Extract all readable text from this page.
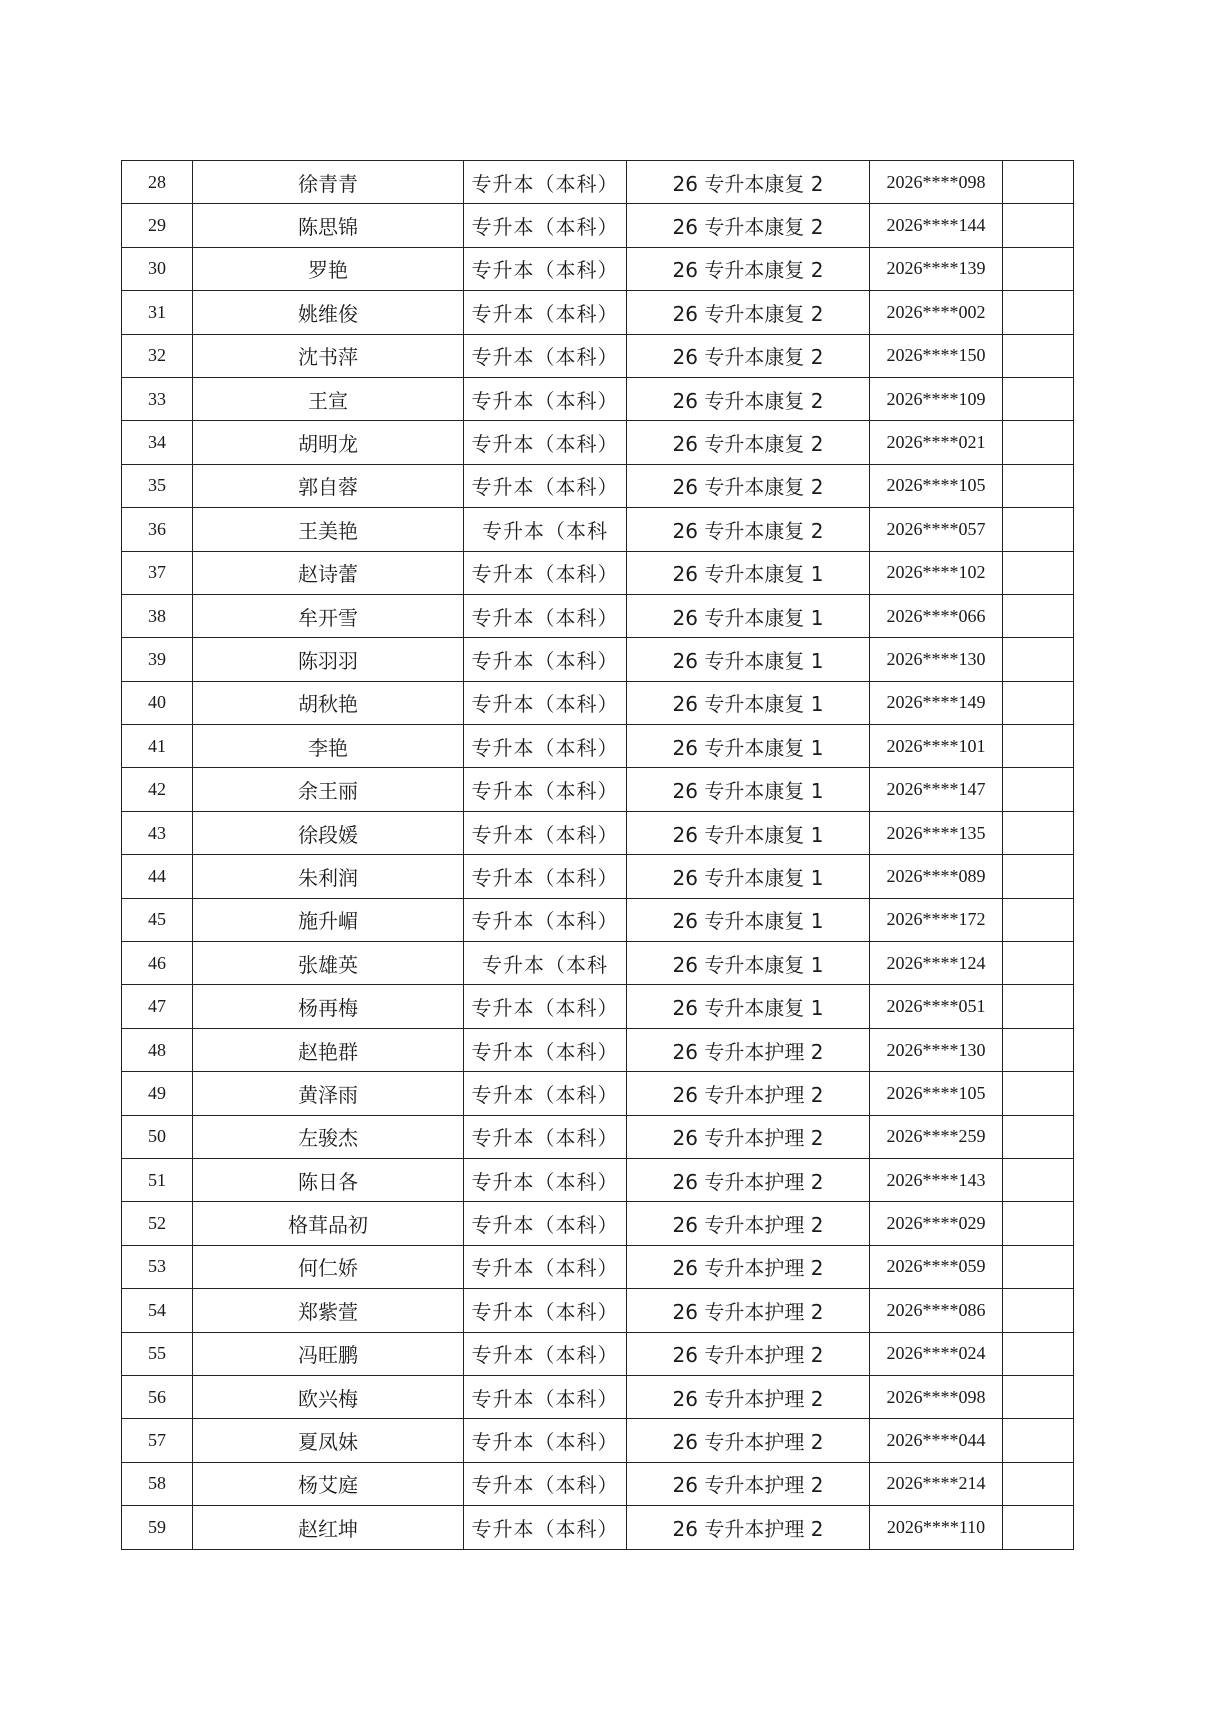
28	徐青青	专升本（本科）	26 专升本康复 2	2026****098	
29	陈思锦	专升本（本科）	26 专升本康复 2	2026****144	
30	罗艳	专升本（本科）	26 专升本康复 2	2026****139	
31	姚维俊	专升本（本科）	26 专升本康复 2	2026****002	
32	沈书萍	专升本（本科）	26 专升本康复 2	2026****150	
33	王宣	专升本（本科）	26 专升本康复 2	2026****109	
34	胡明龙	专升本（本科）	26 专升本康复 2	2026****021	
35	郭自蓉	专升本（本科）	26 专升本康复 2	2026****105	
36	王美艳	专升本（本科	26 专升本康复 2	2026****057	
37	赵诗蕾	专升本（本科）	26 专升本康复 1	2026****102	
38	牟开雪	专升本（本科）	26 专升本康复 1	2026****066	
39	陈羽羽	专升本（本科）	26 专升本康复 1	2026****130	
40	胡秋艳	专升本（本科）	26 专升本康复 1	2026****149	
41	李艳	专升本（本科）	26 专升本康复 1	2026****101	
42	余王丽	专升本（本科）	26 专升本康复 1	2026****147	
43	徐段媛	专升本（本科）	26 专升本康复 1	2026****135	
44	朱利润	专升本（本科）	26 专升本康复 1	2026****089	
45	施升嵋	专升本（本科）	26 专升本康复 1	2026****172	
46	张雄英	专升本（本科	26 专升本康复 1	2026****124	
47	杨再梅	专升本（本科）	26 专升本康复 1	2026****051	
48	赵艳群	专升本（本科）	26 专升本护理 2	2026****130	
49	黄泽雨	专升本（本科）	26 专升本护理 2	2026****105	
50	左骏杰	专升本（本科）	26 专升本护理 2	2026****259	
51	陈日各	专升本（本科）	26 专升本护理 2	2026****143	
52	格茸品初	专升本（本科）	26 专升本护理 2	2026****029	
53	何仁娇	专升本（本科）	26 专升本护理 2	2026****059	
54	郑紫萱	专升本（本科）	26 专升本护理 2	2026****086	
55	冯旺鹏	专升本（本科）	26 专升本护理 2	2026****024	
56	欧兴梅	专升本（本科）	26 专升本护理 2	2026****098	
57	夏凤妹	专升本（本科）	26 专升本护理 2	2026****044	
58	杨艾庭	专升本（本科）	26 专升本护理 2	2026****214	
59	赵红坤	专升本（本科）	26 专升本护理 2	2026****110	
